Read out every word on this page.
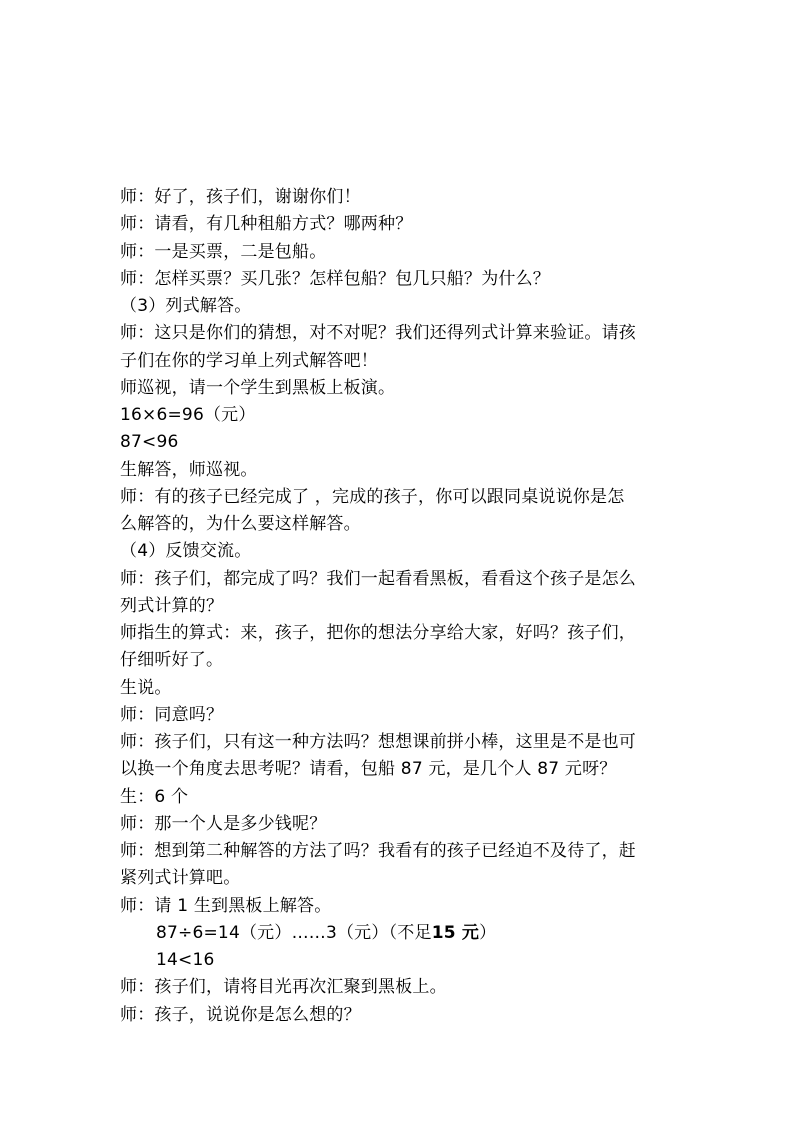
师：好了，孩子们，谢谢你们！
师：请看，有几种租船方式？哪两种？
师：一是买票，二是包船。
师：怎样买票？买几张？怎样包船？包几只船？为什么？
（3）列式解答。
师：这只是你们的猜想，对不对呢？我们还得列式计算来验证。请孩
子们在你的学习单上列式解答吧！
师巡视，请一个学生到黑板上板演。
16×6=96（元）
87<96
生解答，师巡视。
师：有的孩子已经完成了 ，完成的孩子，你可以跟同桌说说你是怎
么解答的，为什么要这样解答。
（4）反馈交流。
师：孩子们，都完成了吗？我们一起看看黑板，看看这个孩子是怎么
列式计算的？
师指生的算式：来，孩子，把你的想法分享给大家，好吗？孩子们，
仔细听好了。
生说。
师：同意吗？
师：孩子们，只有这一种方法吗？想想课前拼小棒，这里是不是也可
以换一个角度去思考呢？请看，包船 87 元，是几个人 87 元呀？
生：6 个
师：那一个人是多少钱呢？
师：想到第二种解答的方法了吗？我看有的孩子已经迫不及待了，赶
紧列式计算吧。
师：请 1 生到黑板上解答。
87÷6=14（元）……3（元）（不足15 元）
14<16
师：孩子们，请将目光再次汇聚到黑板上。
师：孩子，说说你是怎么想的？
